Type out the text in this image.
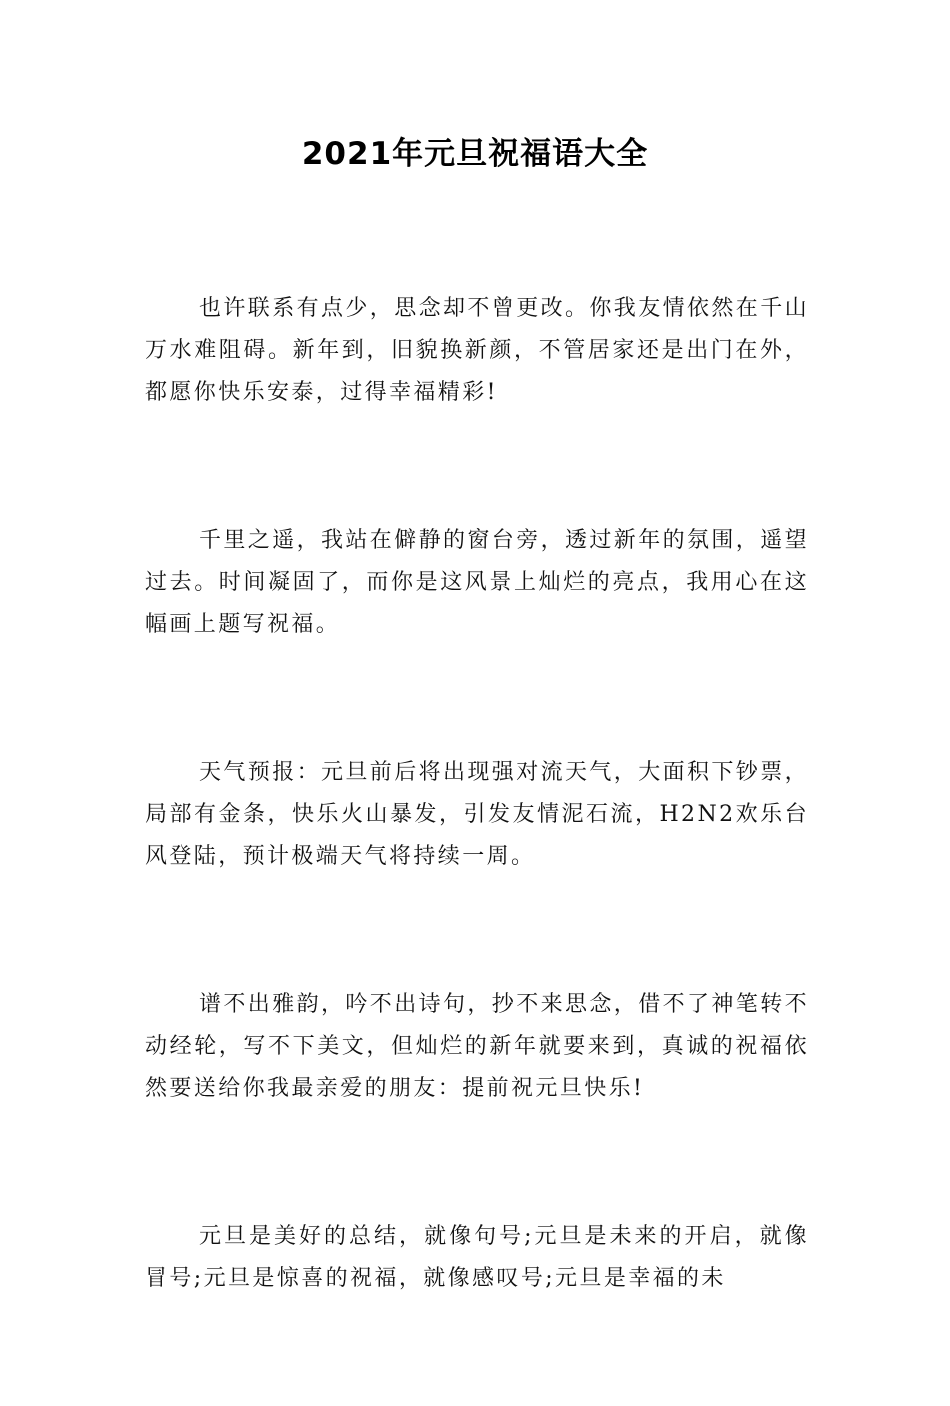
2021年元旦祝福语大全

也许联系有点少，思念却不曾更改。你我友情依然在千山万水难阻碍。新年到，旧貌换新颜，不管居家还是出门在外，都愿你快乐安泰，过得幸福精彩!

千里之遥，我站在僻静的窗台旁，透过新年的氛围，遥望过去。时间凝固了，而你是这风景上灿烂的亮点，我用心在这幅画上题写祝福。

天气预报：元旦前后将出现强对流天气，大面积下钞票，局部有金条，快乐火山暴发，引发友情泥石流，H2N2欢乐台风登陆，预计极端天气将持续一周。

谱不出雅韵，吟不出诗句，抄不来思念，借不了神笔转不动经轮，写不下美文，但灿烂的新年就要来到，真诚的祝福依然要送给你我最亲爱的朋友：提前祝元旦快乐!

元旦是美好的总结，就像句号;元旦是未来的开启，就像冒号;元旦是惊喜的祝福，就像感叹号;元旦是幸福的未
